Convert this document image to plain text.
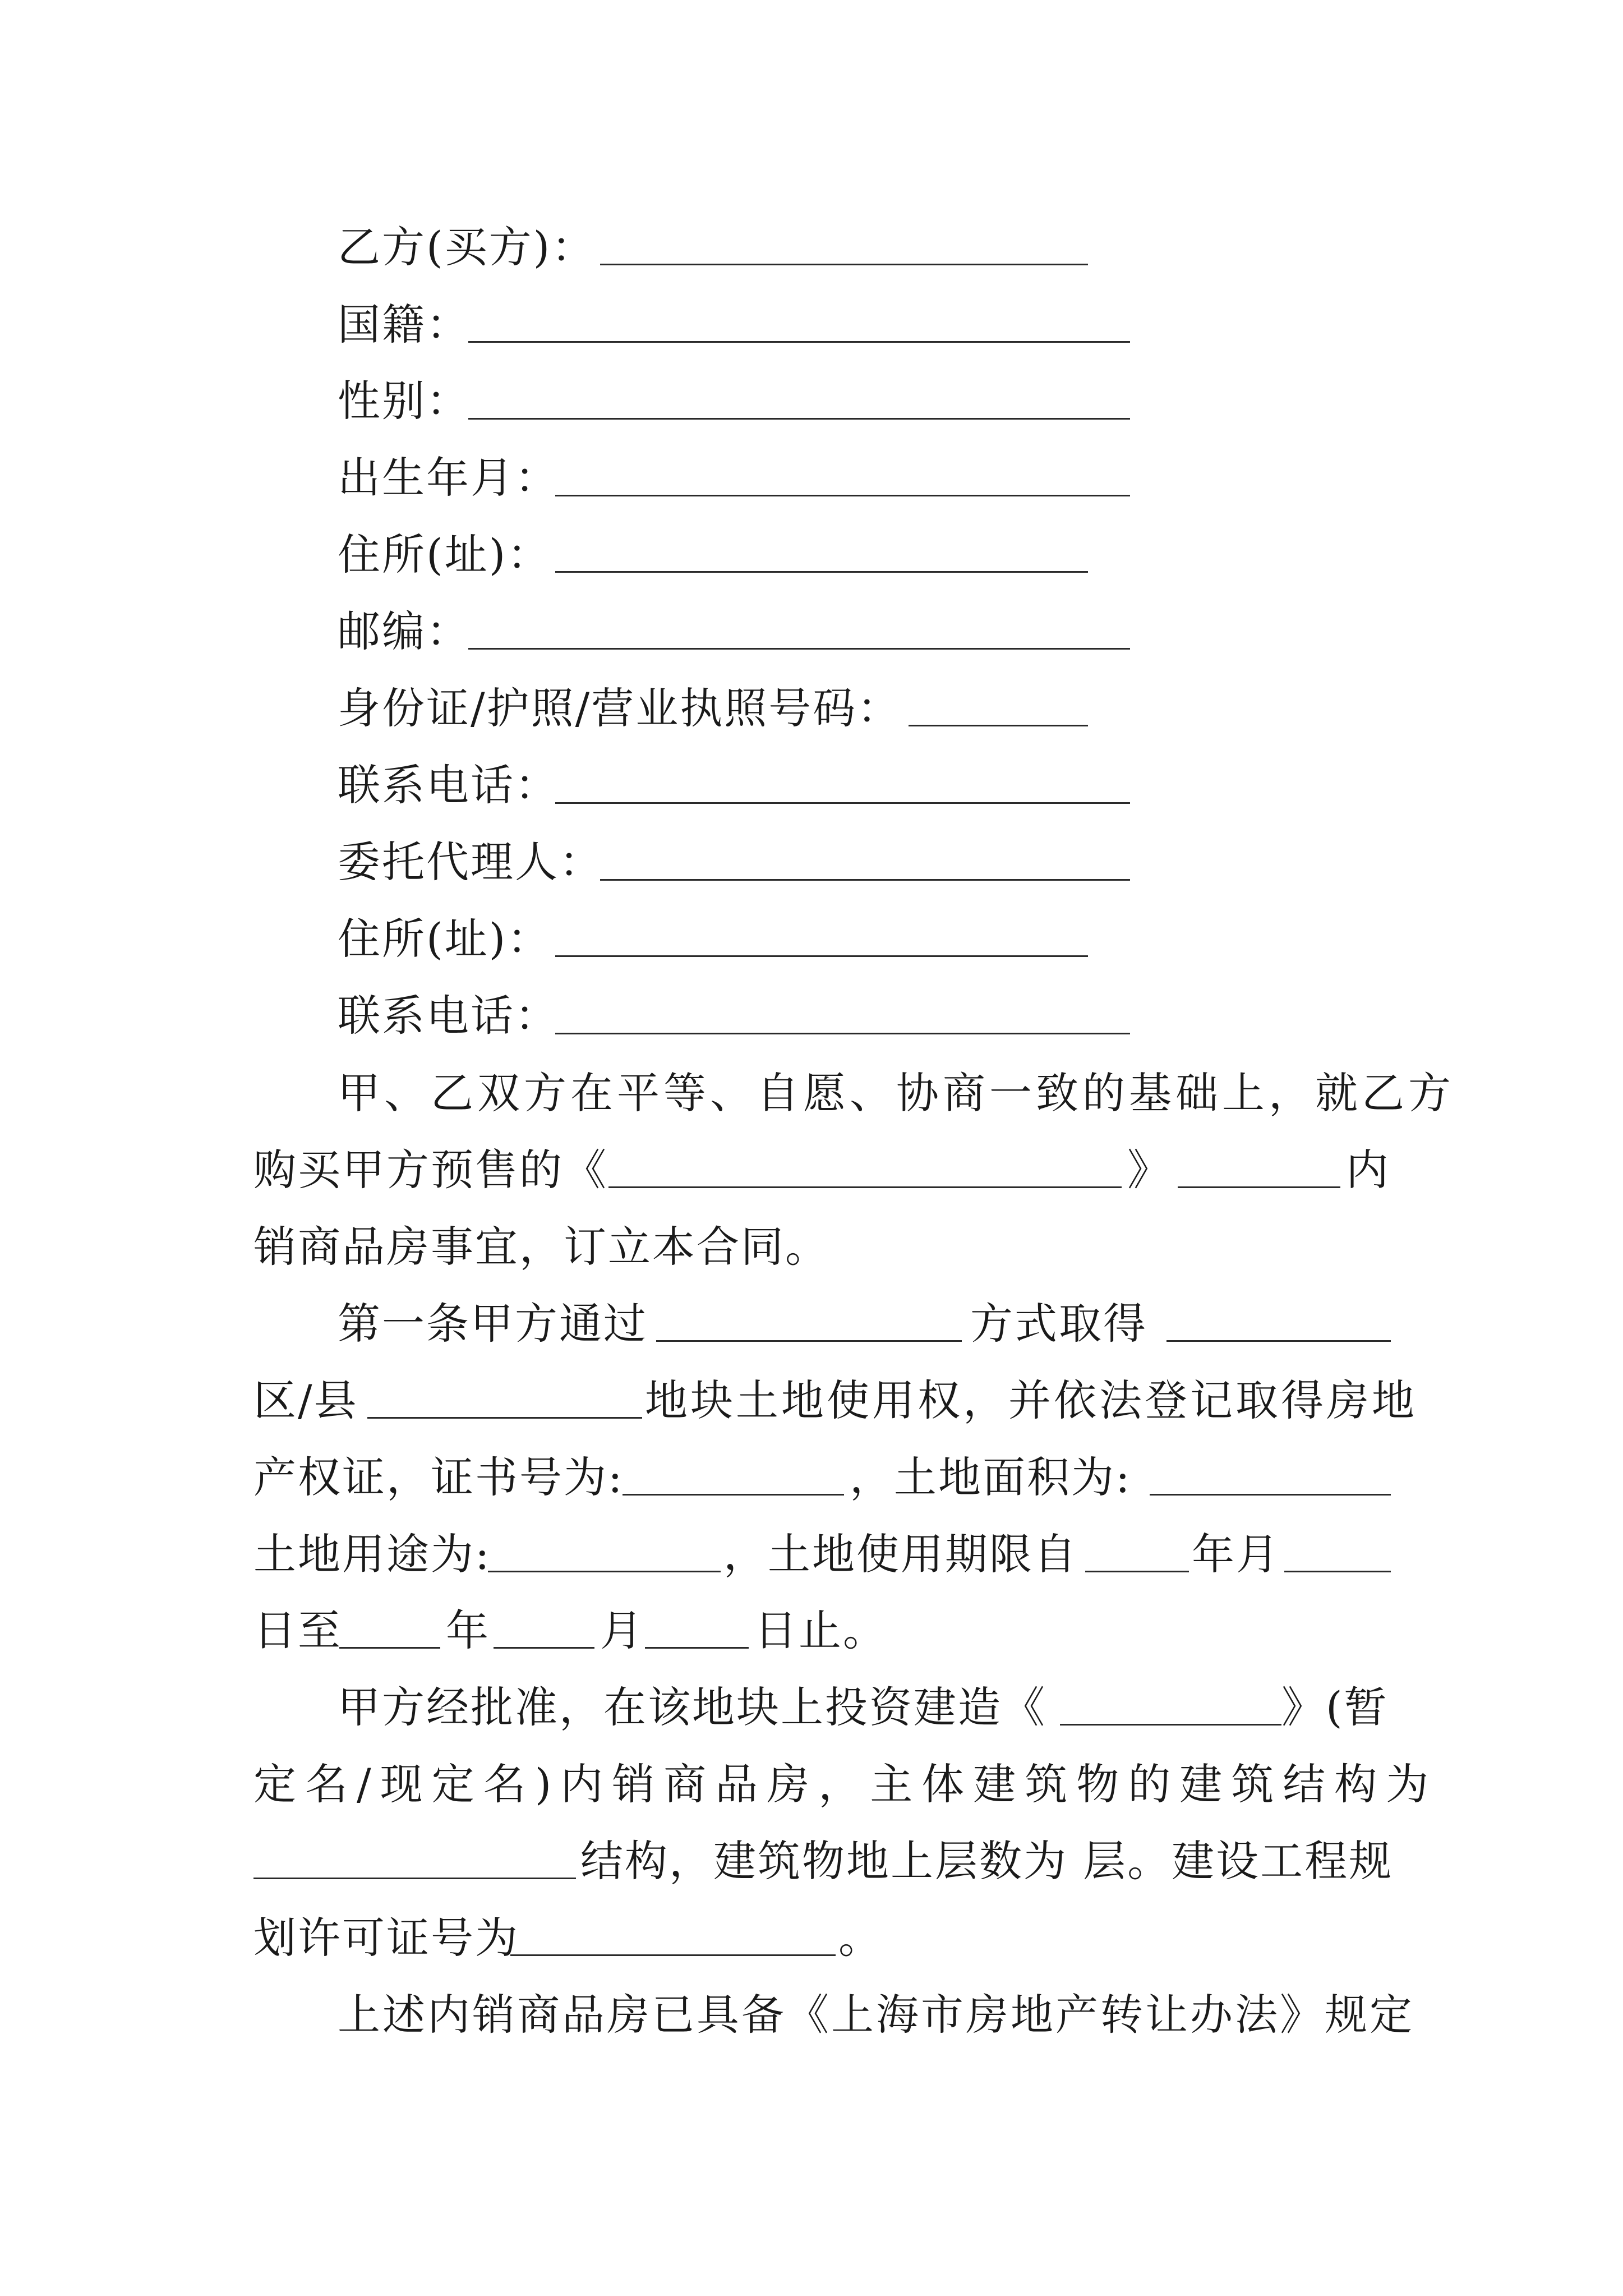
乙方(买方)：
国籍：
性别：
出生年月：
住所(址)：
邮编：
身份证/护照/营业执照号码：
联系电话：
委托代理人：
住所(址)：
联系电话：
甲、乙双方在平等、自愿、协商一致的基础上，就乙方
购买甲方预售的《	》	内
销商品房事宜，订立本合同。
第一条甲方通过	方式取得
区/县	地块土地使用权，并依法登记取得房地
产权证，证书号为:	，土地面积为:
土地用途为:	，土地使用期限自	年月
日至 年	月	日止。
甲方经批准，在该地块上投资建造《	》(暂
定名/现定名)内销商品房，主体建筑物的建筑结构为
结构，建筑物地上层数为 层。建设工程规
划许可证号为	。
上述内销商品房已具备《上海市房地产转让办法》规定
